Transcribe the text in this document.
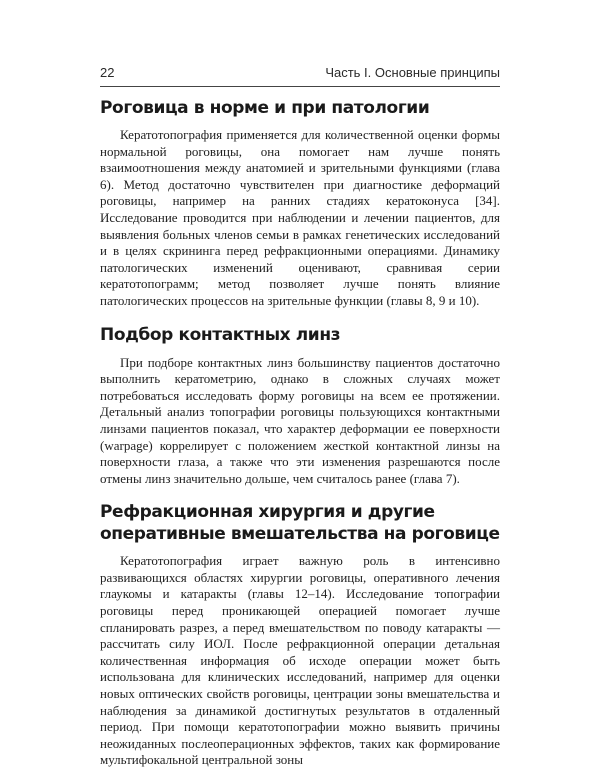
22	Часть I. Основные принципы
Роговица в норме и при патологии

Кератотопография применяется для количественной оценки формы нормальной роговицы, она помогает нам лучше понять взаимоотношения между анатомией и зрительными функциями (глава 6). Метод достаточно чувствителен при диагностике деформаций роговицы, например на ранних стадиях кератоконуса [34]. Исследование проводится при наблюдении и лечении пациентов, для выявления больных членов семьи в рамках генетических исследований и в целях скрининга перед рефракционными операциями. Динамику патологических изменений оценивают, сравнивая серии кератотопограмм; метод позволяет лучше понять влияние патологических процессов на зрительные функции (главы 8, 9 и 10).

Подбор контактных линз

При подборе контактных линз большинству пациентов достаточно выполнить кератометрию, однако в сложных случаях может потребоваться исследовать форму роговицы на всем ее протяжении. Детальный анализ топографии роговицы пользующихся контактными линзами пациентов показал, что характер деформации ее поверхности (warpage) коррелирует с положением жесткой контактной линзы на поверхности глаза, а также что эти изменения разрешаются после отмены линз значительно дольше, чем считалось ранее (глава 7).

Рефракционная хирургия и другие оперативные вмешательства на роговице

Кератотопография играет важную роль в интенсивно развивающихся областях хирургии роговицы, оперативного лечения глаукомы и катаракты (главы 12–14). Исследование топографии роговицы перед проникающей операцией помогает лучше спланировать разрез, а перед вмешательством по поводу катаракты — рассчитать силу ИОЛ. После рефракционной операции детальная количественная информация об исходе операции может быть использована для клинических исследований, например для оценки новых оптических свойств роговицы, центрации зоны вмешательства и наблюдения за динамикой достигнутых результатов в отдаленный период. При помощи кератотопографии можно выявить причины неожиданных послеоперационных эффектов, таких как формирование мультифокальной центральной зоны
